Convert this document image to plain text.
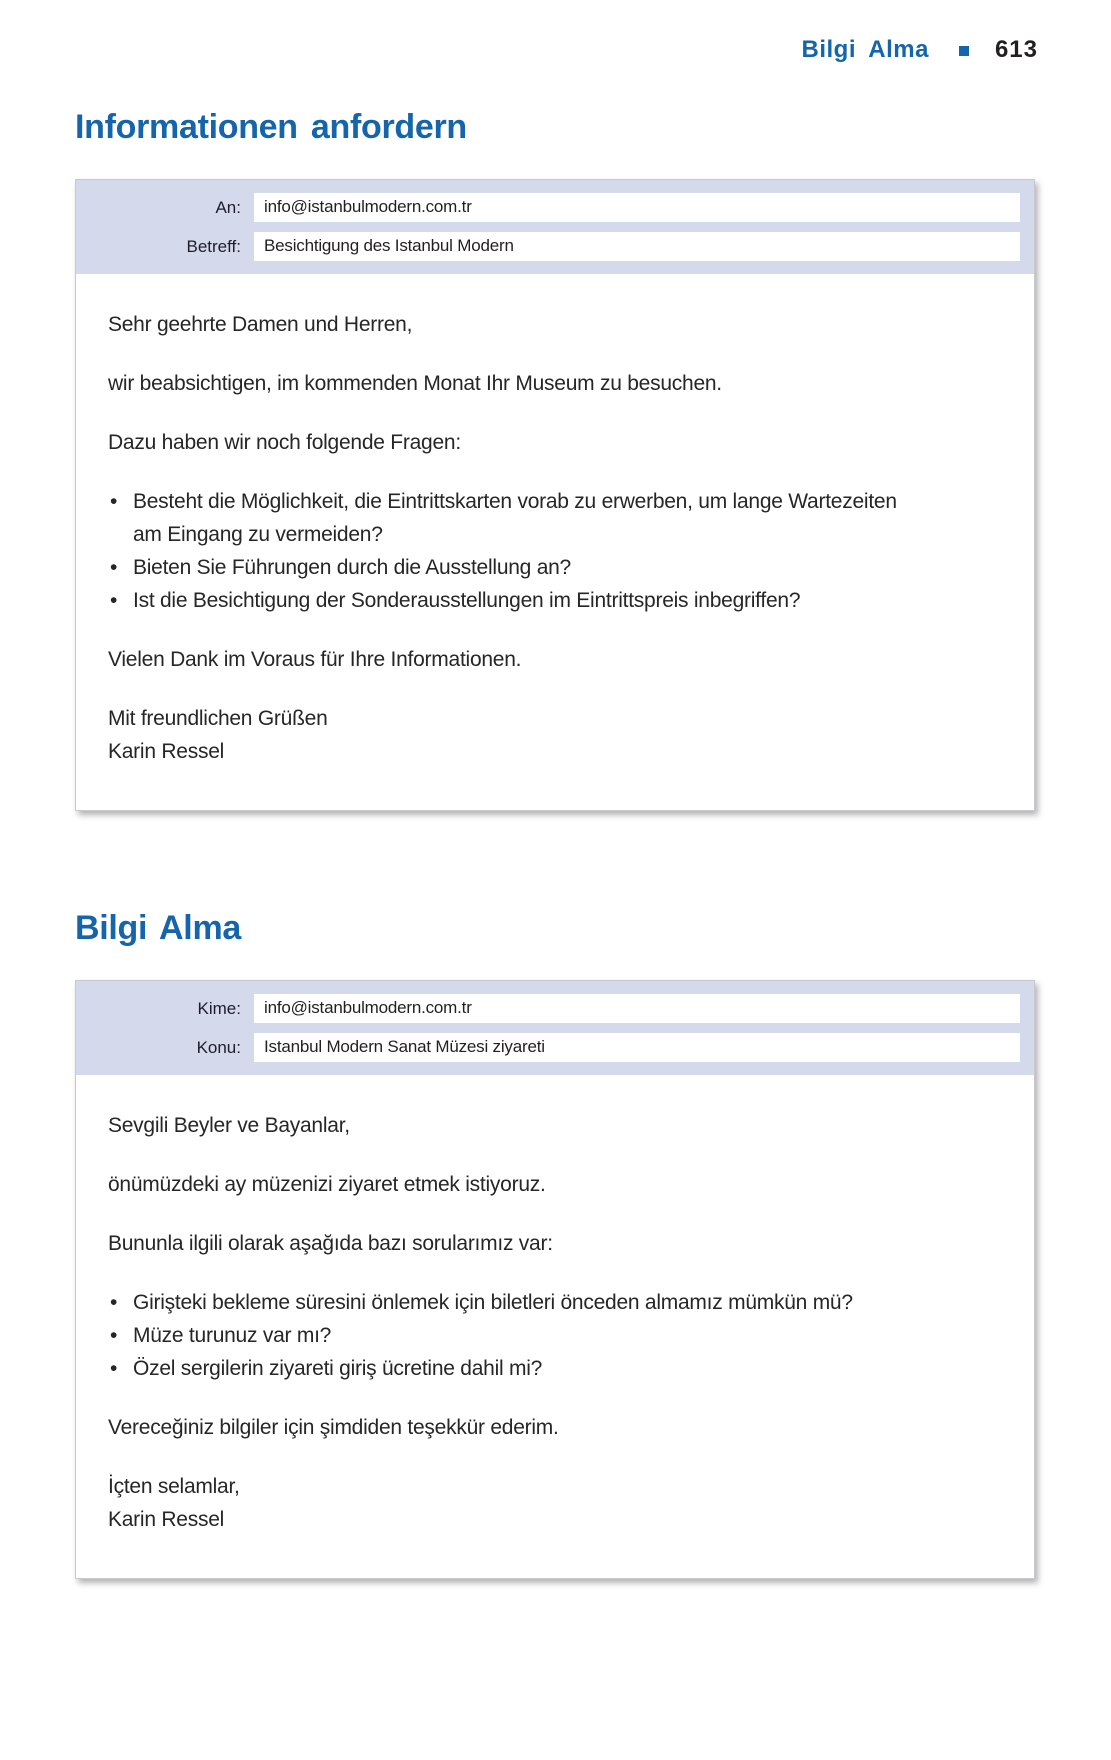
Bilgi Alma	613
Informationen anfordern
An:	info@istanbulmodern.com.tr
Betreff:	Besichtigung des Istanbul Modern

Sehr geehrte Damen und Herren,

wir beabsichtigen, im kommenden Monat Ihr Museum zu besuchen.

Dazu haben wir noch folgende Fragen:

• Besteht die Möglichkeit, die Eintrittskarten vorab zu erwerben, um lange Wartezeiten am Eingang zu vermeiden?
• Bieten Sie Führungen durch die Ausstellung an?
• Ist die Besichtigung der Sonderausstellungen im Eintrittspreis inbegriffen?

Vielen Dank im Voraus für Ihre Informationen.

Mit freundlichen Grüßen

Karin Ressel

Bilgi Alma
Kime:	info@istanbulmodern.com.tr
Konu:	Istanbul Modern Sanat Müzesi ziyareti

Sevgili Beyler ve Bayanlar,

önümüzdeki ay müzenizi ziyaret etmek istiyoruz.

Bununla ilgili olarak aşağıda bazı sorularımız var:

• Girişteki bekleme süresini önlemek için biletleri önceden almamız mümkün mü?
• Müze turunuz var mı?
• Özel sergilerin ziyareti giriş ücretine dahil mi?

Vereceğiniz bilgiler için şimdiden teşekkür ederim.

İçten selamlar,

Karin Ressel
